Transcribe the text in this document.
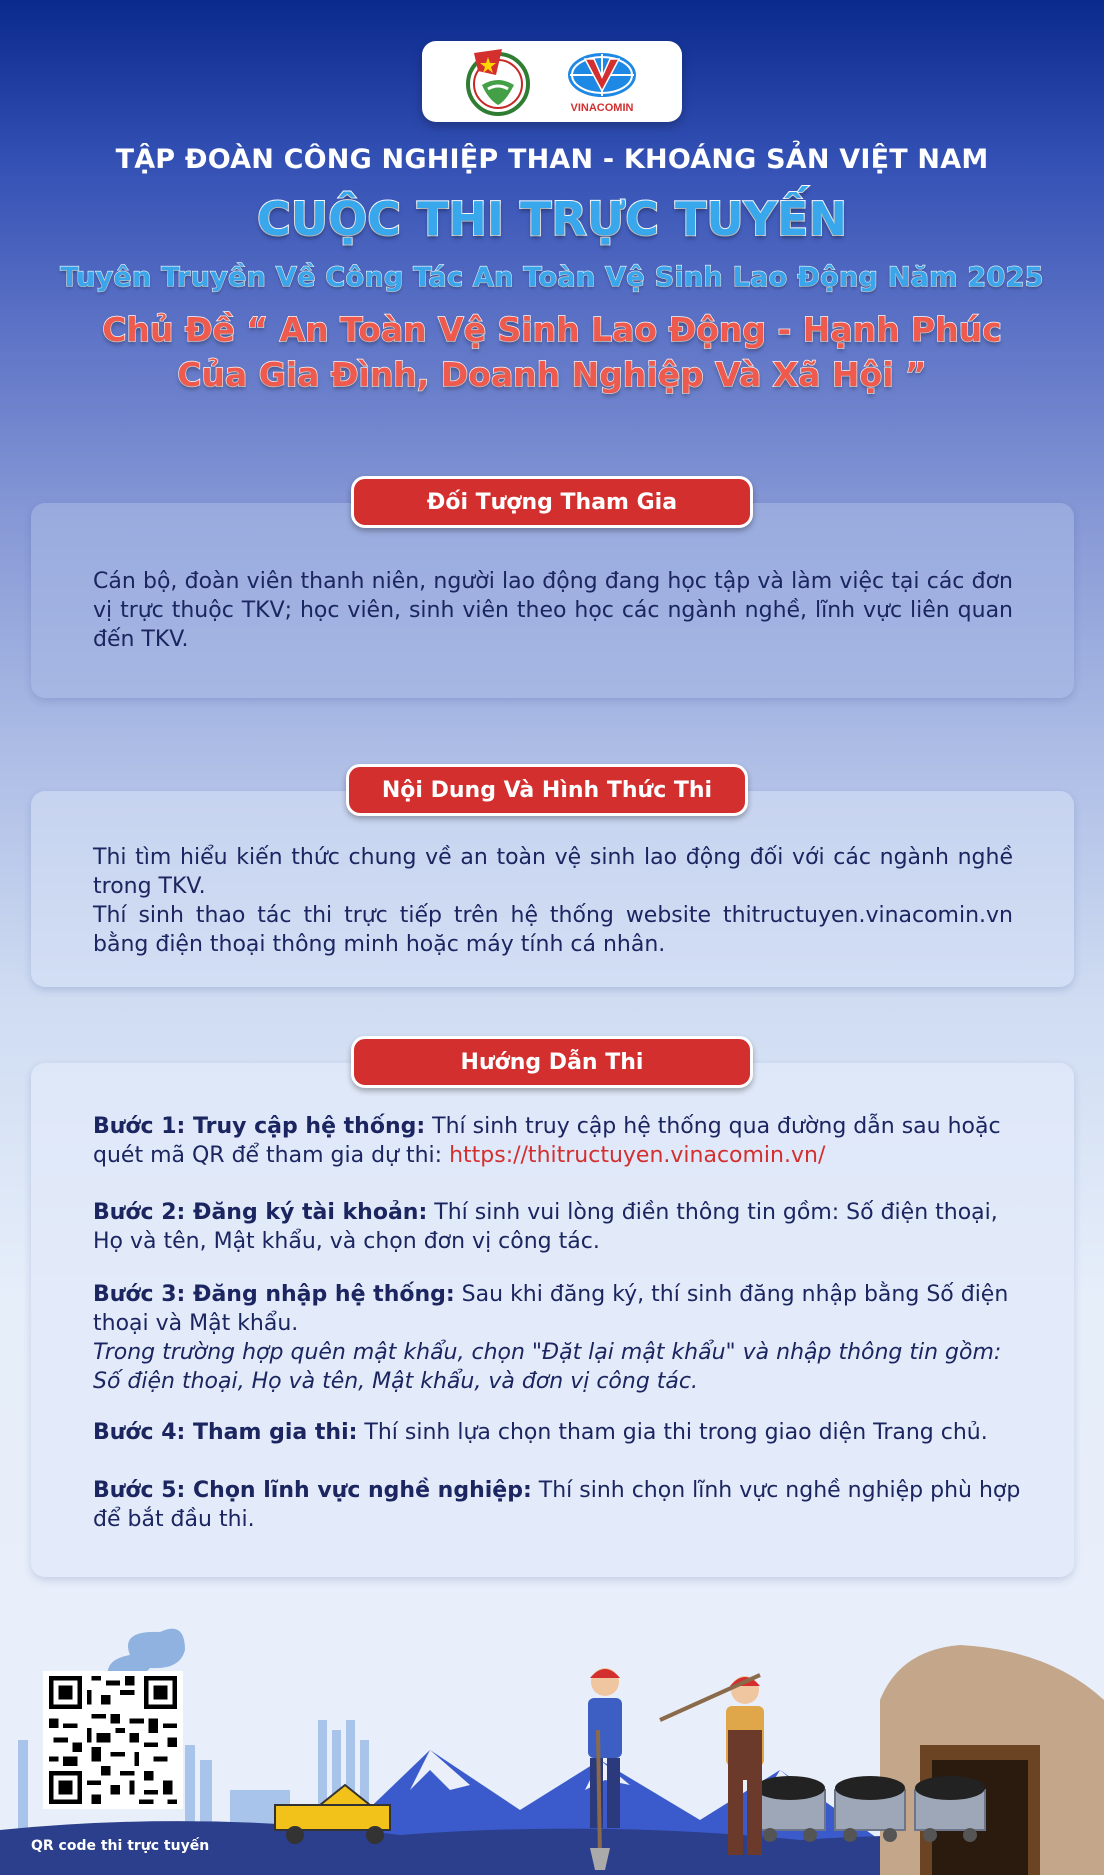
VINACOMIN
TẬP ĐOÀN CÔNG NGHIỆP THAN - KHOÁNG SẢN VIỆT NAM
CUỘC THI TRỰC TUYẾN
Tuyên Truyền Về Công Tác An Toàn Vệ Sinh Lao Động Năm 2025
Chủ Đề “ An Toàn Vệ Sinh Lao Động - Hạnh Phúc
Của Gia Đình, Doanh Nghiệp Và Xã Hội ”
Đối Tượng Tham Gia
Cán bộ, đoàn viên thanh niên, người lao động đang học tập và làm việc tại các đơn vị trực thuộc TKV; học viên, sinh viên theo học các ngành nghề, lĩnh vực liên quan đến TKV.
Nội Dung Và Hình Thức Thi
Thi tìm hiểu kiến thức chung về an toàn vệ sinh lao động đối với các ngành nghề trong TKV.
Thí sinh thao tác thi trực tiếp trên hệ thống website thitructuyen.vinacomin.vn bằng điện thoại thông minh hoặc máy tính cá nhân.
Hướng Dẫn Thi
Bước 1: Truy cập hệ thống: Thí sinh truy cập hệ thống qua đường dẫn sau hoặc quét mã QR để tham gia dự thi: https://thitructuyen.vinacomin.vn/
Bước 2: Đăng ký tài khoản: Thí sinh vui lòng điền thông tin gồm: Số điện thoại, Họ và tên, Mật khẩu, và chọn đơn vị công tác.
Bước 3: Đăng nhập hệ thống: Sau khi đăng ký, thí sinh đăng nhập bằng Số điện thoại và Mật khẩu.
Trong trường hợp quên mật khẩu, chọn "Đặt lại mật khẩu" và nhập thông tin gồm: Số điện thoại, Họ và tên, Mật khẩu, và đơn vị công tác.
Bước 4: Tham gia thi: Thí sinh lựa chọn tham gia thi trong giao diện Trang chủ.
Bước 5: Chọn lĩnh vực nghề nghiệp: Thí sinh chọn lĩnh vực nghề nghiệp phù hợp để bắt đầu thi.
QR code thi trực tuyến
